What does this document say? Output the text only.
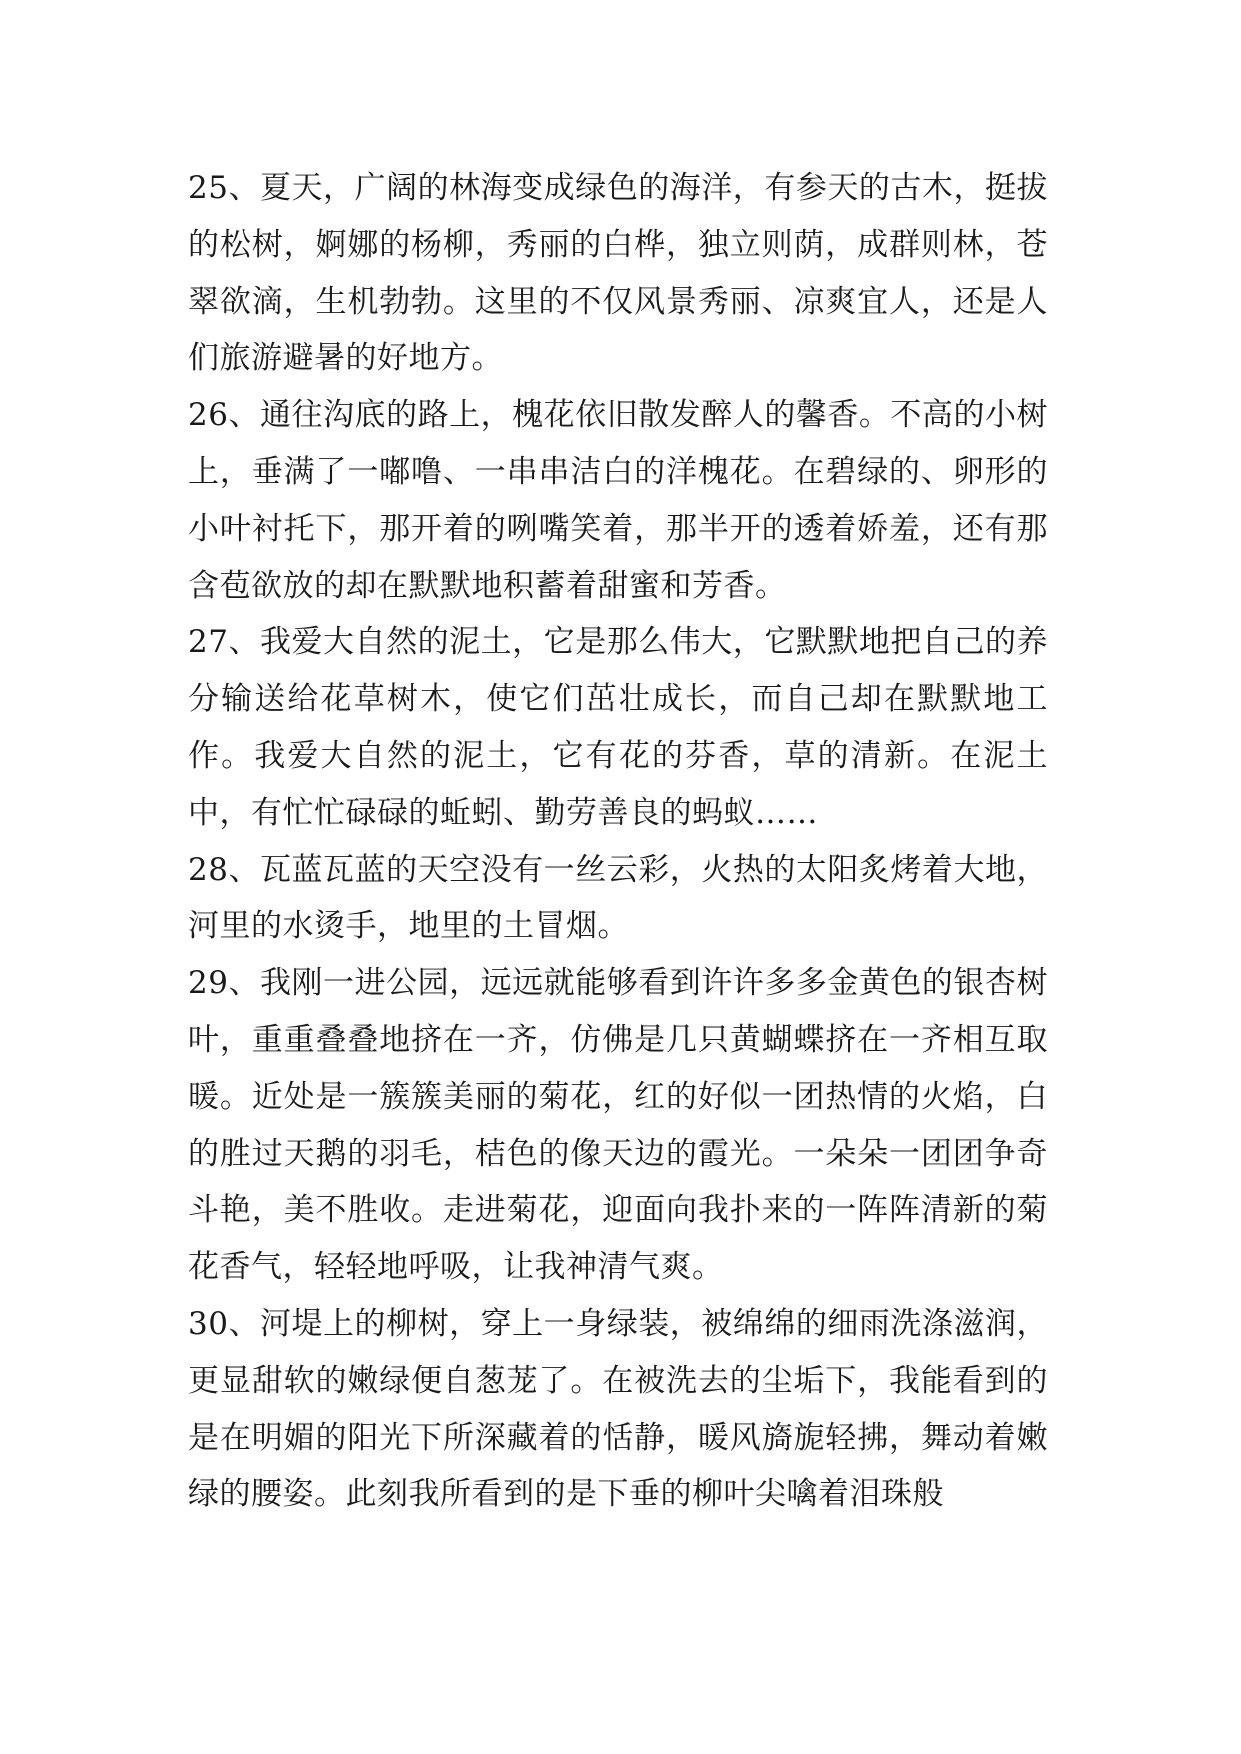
25、夏天，广阔的林海变成绿色的海洋，有参天的古木，挺拔的松树，婀娜的杨柳，秀丽的白桦，独立则荫，成群则林，苍翠欲滴，生机勃勃。这里的不仅风景秀丽、凉爽宜人，还是人们旅游避暑的好地方。

26、通往沟底的路上，槐花依旧散发醉人的馨香。不高的小树上，垂满了一嘟噜、一串串洁白的洋槐花。在碧绿的、卵形的小叶衬托下，那开着的咧嘴笑着，那半开的透着娇羞，还有那含苞欲放的却在默默地积蓄着甜蜜和芳香。

27、我爱大自然的泥土，它是那么伟大，它默默地把自己的养分输送给花草树木，使它们茁壮成长，而自己却在默默地工作。我爱大自然的泥土，它有花的芬香，草的清新。在泥土中，有忙忙碌碌的蚯蚓、勤劳善良的蚂蚁……

28、瓦蓝瓦蓝的天空没有一丝云彩，火热的太阳炙烤着大地，河里的水烫手，地里的土冒烟。

29、我刚一进公园，远远就能够看到许许多多金黄色的银杏树叶，重重叠叠地挤在一齐，仿佛是几只黄蝴蝶挤在一齐相互取暖。近处是一簇簇美丽的菊花，红的好似一团热情的火焰，白的胜过天鹅的羽毛，桔色的像天边的霞光。一朵朵一团团争奇斗艳，美不胜收。走进菊花，迎面向我扑来的一阵阵清新的菊花香气，轻轻地呼吸，让我神清气爽。

30、河堤上的柳树，穿上一身绿装，被绵绵的细雨洗涤滋润，更显甜软的嫩绿便自葱茏了。在被洗去的尘垢下，我能看到的是在明媚的阳光下所深藏着的恬静，暖风旖旎轻拂，舞动着嫩绿的腰姿。此刻我所看到的是下垂的柳叶尖噙着泪珠般
